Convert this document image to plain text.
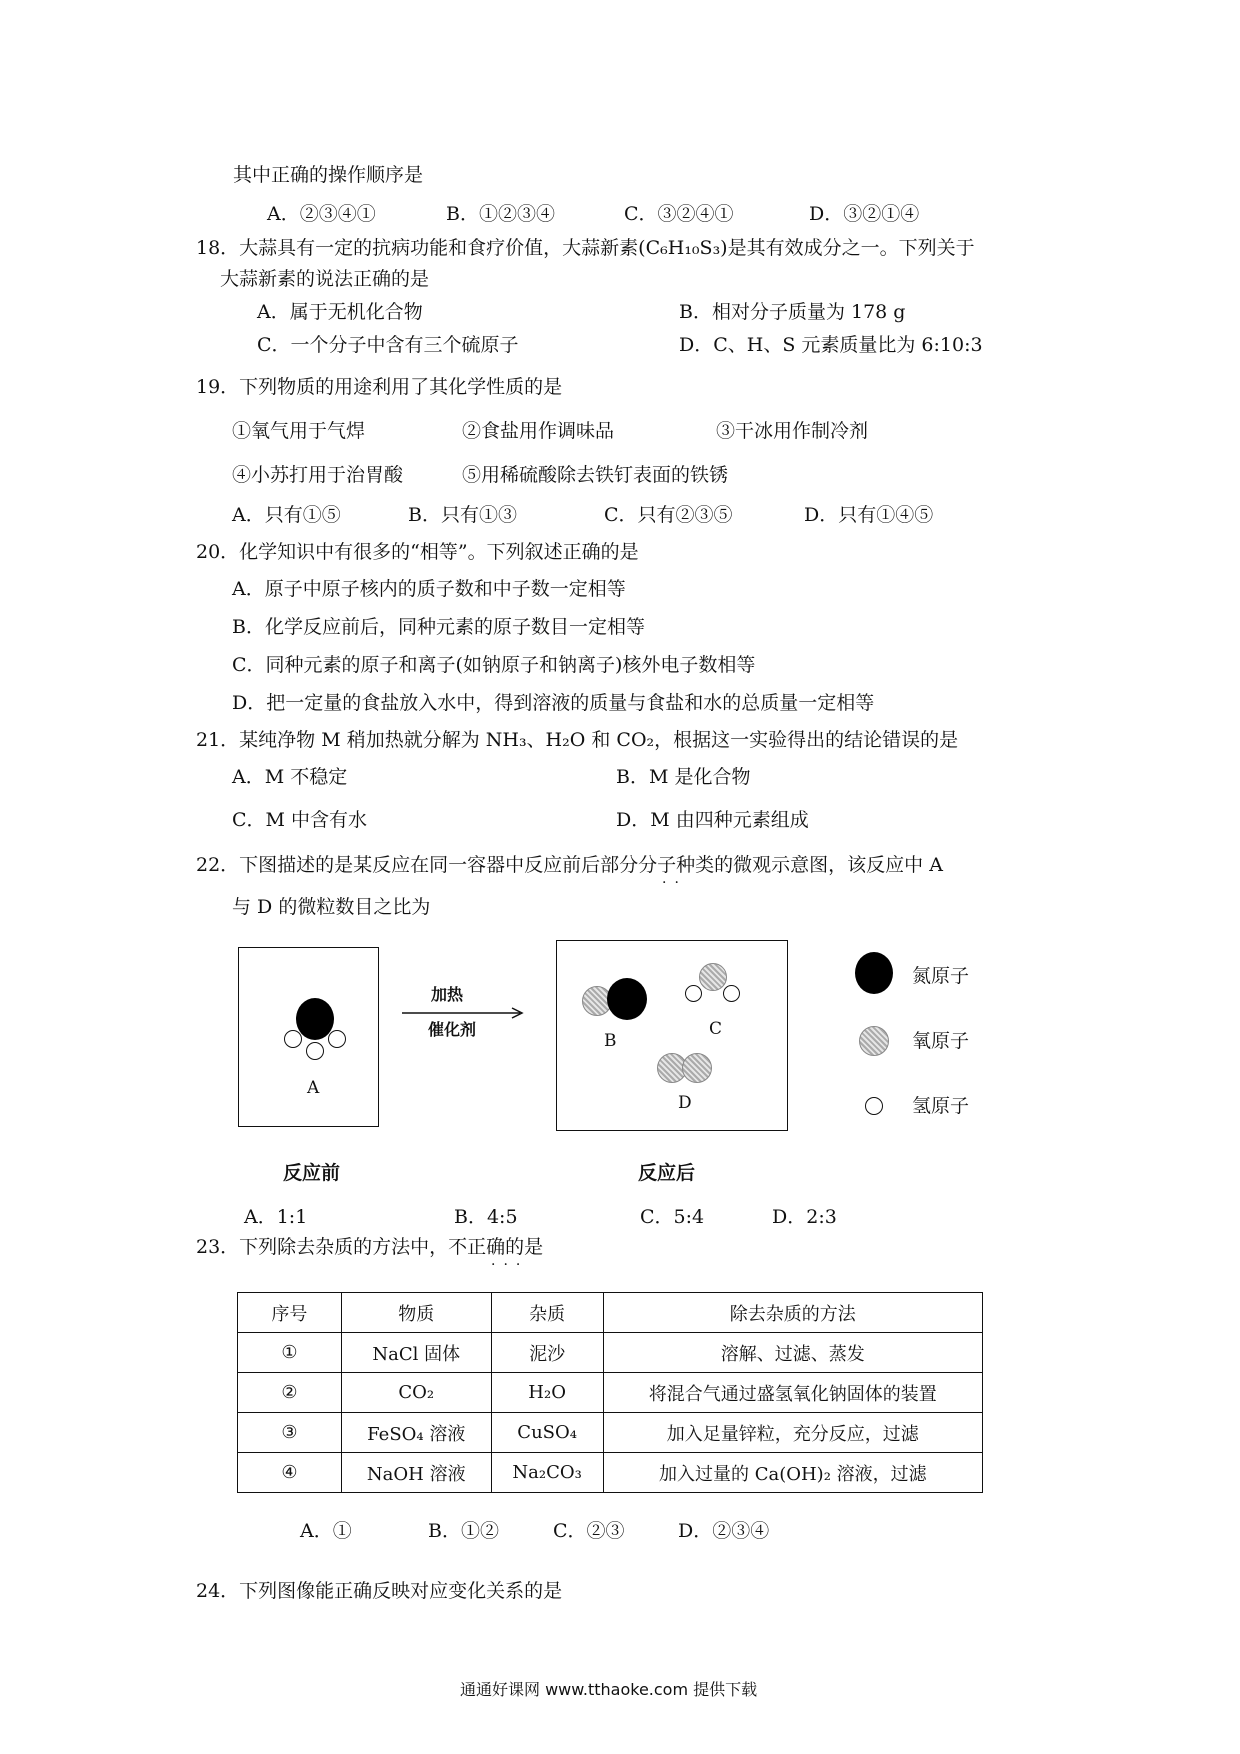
其中正确的操作顺序是
A．②③④①	B．①②③④	C．③②④①	D．③②①④
18．大蒜具有一定的抗病功能和食疗价值，大蒜新素(C₆H₁₀S₃)是其有效成分之一。下列关于
大蒜新素的说法正确的是
A．属于无机化合物	B．相对分子质量为 178 g
C．一个分子中含有三个硫原子	D．C、H、S 元素质量比为 6:10:3
19．下列物质的用途利用了其化学性质的是
①氧气用于气焊	②食盐用作调味品	③干冰用作制冷剂
④小苏打用于治胃酸	⑤用稀硫酸除去铁钉表面的铁锈
A．只有①⑤	B．只有①③	C．只有②③⑤	D．只有①④⑤
20．化学知识中有很多的“相等”。下列叙述正确的是
A．原子中原子核内的质子数和中子数一定相等
B．化学反应前后，同种元素的原子数目一定相等
C．同种元素的原子和离子(如钠原子和钠离子)核外电子数相等
D．把一定量的食盐放入水中，得到溶液的质量与食盐和水的总质量一定相等
21．某纯净物 M 稍加热就分解为 NH₃、H₂O 和 CO₂，根据这一实验得出的结论错误的是
A．M 不稳定	B．M 是化合物
C．M 中含有水	D．M 由四种元素组成
22．下图描述的是某反应在同一容器中反应前后部分分子种类的微观示意图，该反应中 A
··
与 D 的微粒数目之比为
A
加热
催化剂
B
C
D
氮原子
氧原子
氢原子
反应前	反应后
A．1:1	B．4:5	C．5:4	D．2:3
23．下列除去杂质的方法中，不正确的是
···
序号	物质	杂质	除去杂质的方法
①	NaCl 固体	泥沙	溶解、过滤、蒸发
②	CO₂	H₂O	将混合气通过盛氢氧化钠固体的装置
③	FeSO₄ 溶液	CuSO₄	加入足量锌粒，充分反应，过滤
④	NaOH 溶液	Na₂CO₃	加入过量的 Ca(OH)₂ 溶液，过滤
A．①	B．①②	C．②③	D．②③④
24．下列图像能正确反映对应变化关系的是
通通好课网 www.tthaoke.com 提供下载
